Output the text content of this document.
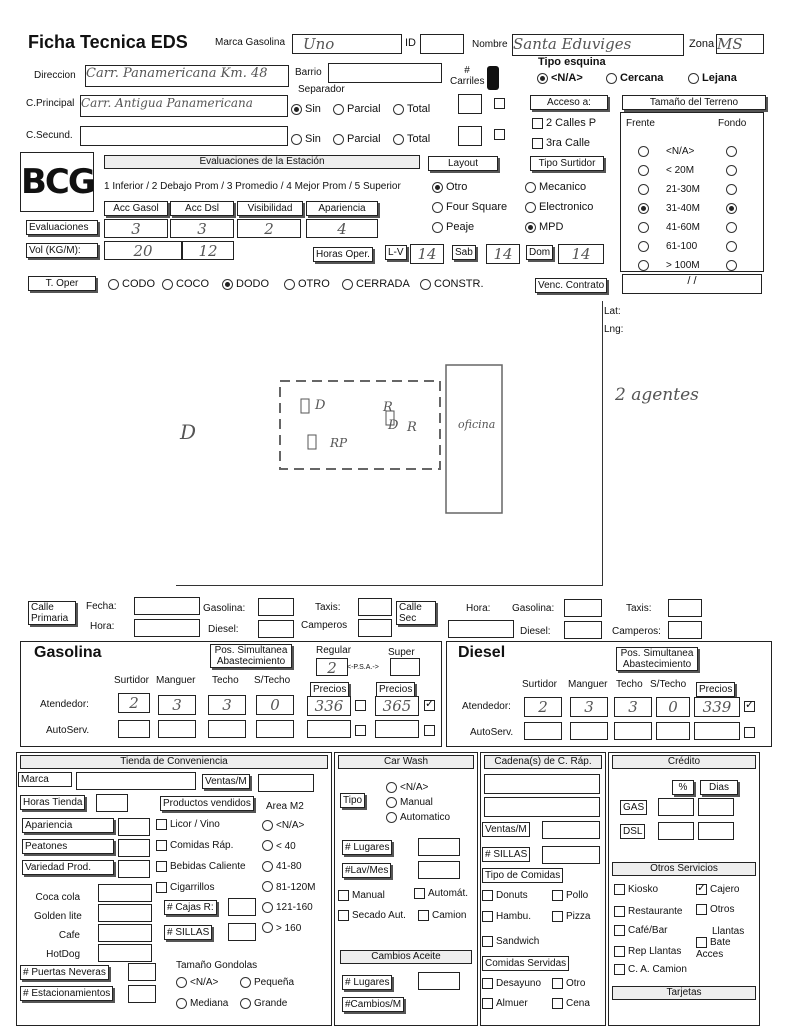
Ficha Tecnica EDS	Marca Gasolina	Uno	ID	Nombre Santa Eduviges	Zona MS
Direccion Carr. Panamericana Km. 48	Barrio	# Carriles
Tipo esquina
<N/A>	Cercana	Lejana
C.Principal Carr. Antigua Panamericana
Separador
Sin	Parcial	Total
Acceso a:	Tamaño del Terreno
C.Secund.	Sin	Parcial	Total
2 Calles P
3ra Calle
Frente	Fondo
<N/A>
< 20M
21-30M
31-40M
41-60M
61-100
> 100M
BCG
Evaluaciones de la Estación
1 Inferior / 2 Debajo Prom / 3 Promedio / 4 Mejor Prom / 5 Superior
Acc Gasol	Acc Dsl	Visibilidad	Apariencia
Evaluaciones	3	3	2	4
Vol (KG/M):	20	12	Horas Oper.	L-V 14	Sab	14	Dom	14
Layout
Otro
Four Square
Peaje
Tipo Surtidor
Mecanico
Electronico
MPD
T. Oper	CODO	COCO	DODO	OTRO	CERRADA	CONSTR.	Venc. Contrato	/ /
D
D
R
RP
D
R
oficina
Lat:
Lng:
2 agentes
Calle Primaria
Fecha:
Hora:
Gasolina:
Diesel:
Taxis:
Camperos
Calle Sec
Hora: Gasolina:
Diesel:
Taxis:
Camperos:
Gasolina	Pos. Simultanea Abastecimiento
Regular	Super
2	<-P.S.A.->
Surtidor Manguer Techo S/Techo
Precios	Precios
Atendedor:	2	3	3	0	336	365
✓
AutoServ.
Diesel	Pos. Simultanea Abastecimiento
Surtidor Manguer Techo S/Techo	Precios
Atendedor:	2	3	3	0	339
✓
AutoServ.
Tienda de Conveniencia
Marca	Ventas/M
Horas Tienda	Productos vendidos	Area M2
Apariencia
Peatones
Variedad Prod.
Licor / Vino
Comidas Ráp.
Bebidas Caliente
Cigarrillos
<N/A>
< 40
41-80
81-120M
121-160
> 160
Coca cola
Golden lite
Cafe
HotDog
# Cajas R:
# SILLAS
# Puertas Neveras
# Estacionamientos
Tamaño Gondolas
<N/A>	Pequeña
Mediana	Grande
Car Wash
Tipo
<N/A>
Manual
Automatico
# Lugares
#Lav/Mes
Manual	Automát.
Secado Aut.	Camion
Cambios Aceite
# Lugares
#Cambios/M
Cadena(s) de C. Ráp.
Ventas/M
# SILLAS
Tipo de Comidas
Donuts	Pollo
Hambu.	Pizza
Sandwich
Comidas Servidas
Desayuno	Otro
Almuer	Cena
Crédito
%	Dias
GAS
DSL
Otros Servicios
Kiosko
✓	Cajero
Restaurante	Otros
Café/Bar	Llantas
Rep Llantas
Bate Acces
C. A. Camion
Tarjetas
